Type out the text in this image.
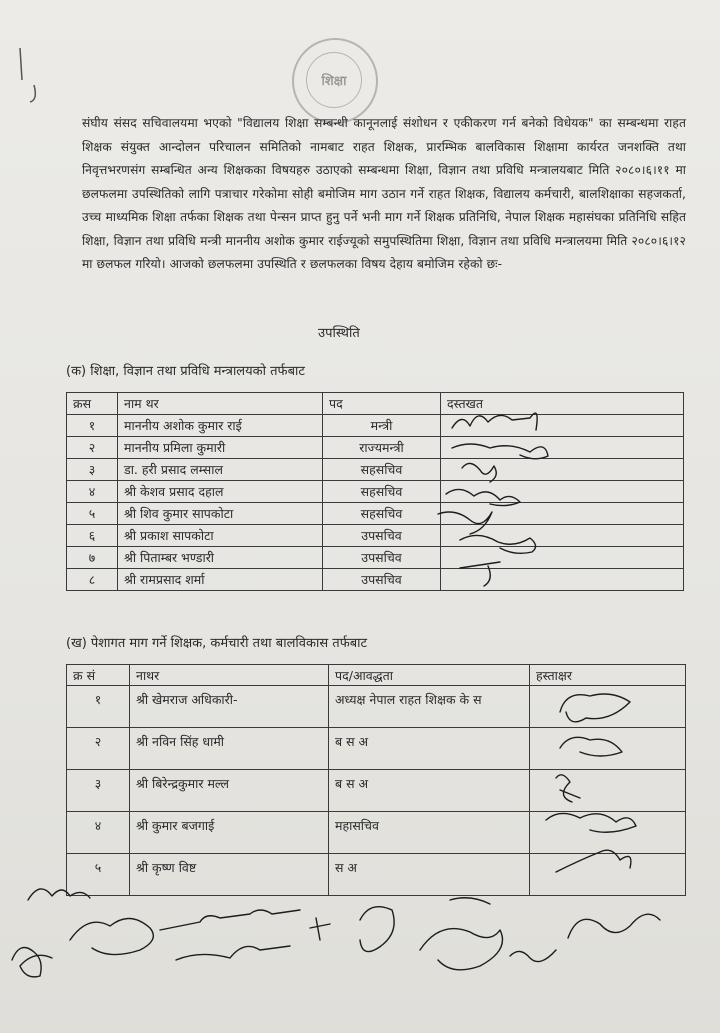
शिक्षा
संघीय संसद सचिवालयमा भएको "विद्यालय शिक्षा सम्बन्धी कानूनलाई संशोधन र एकीकरण गर्न बनेको विधेयक" का सम्बन्धमा राहत शिक्षक संयुक्त आन्दोलन परिचालन समितिको नामबाट राहत शिक्षक, प्रारम्भिक बालविकास शिक्षामा कार्यरत जनशक्ति तथा निवृत्तभरणसंग सम्बन्धित अन्य शिक्षकका विषयहरु उठाएको सम्बन्धमा शिक्षा, विज्ञान तथा प्रविधि मन्त्रालयबाट मिति २०८०।६।११ मा छलफलमा उपस्थितिको लागि पत्राचार गरेकोमा सोही बमोजिम माग उठान गर्ने राहत शिक्षक, विद्यालय कर्मचारी, बालशिक्षाका सहजकर्ता, उच्च माध्यमिक शिक्षा तर्फका शिक्षक तथा पेन्सन प्राप्त हुनु पर्ने भनी माग गर्ने शिक्षक प्रतिनिधि, नेपाल शिक्षक महासंघका प्रतिनिधि सहित शिक्षा, विज्ञान तथा प्रविधि मन्त्री माननीय अशोक कुमार राईज्यूको समुपस्थितिमा शिक्षा, विज्ञान तथा प्रविधि मन्त्रालयमा मिति २०८०।६।१२ मा छलफल गरियो। आजको छलफलमा उपस्थिति र छलफलका विषय देहाय बमोजिम रहेको छः-
उपस्थिति
(क) शिक्षा, विज्ञान तथा प्रविधि मन्त्रालयको तर्फबाट
क्रस	नाम थर	पद	दस्तखत
१	माननीय अशोक कुमार राई	मन्त्री	
२	माननीय प्रमिला कुमारी	राज्यमन्त्री	
३	डा. हरी प्रसाद लम्साल	सहसचिव	
४	श्री केशव प्रसाद दहाल	सहसचिव	
५	श्री शिव कुमार सापकोटा	सहसचिव	
६	श्री प्रकाश सापकोटा	उपसचिव	
७	श्री पिताम्बर भण्डारी	उपसचिव	
८	श्री रामप्रसाद शर्मा	उपसचिव	
(ख) पेशागत माग गर्ने शिक्षक, कर्मचारी तथा बालविकास तर्फबाट
क्र सं	नाथर	पद/आवद्धता	हस्ताक्षर
१	श्री खेमराज अधिकारी-	अध्यक्ष नेपाल राहत शिक्षक के स	
२	श्री नविन सिंह धामी	ब स अ	
३	श्री बिरेन्द्रकुमार मल्ल	ब स अ	
४	श्री कुमार बजगाई	महासचिव	
५	श्री कृष्ण विष्ट	स अ	
